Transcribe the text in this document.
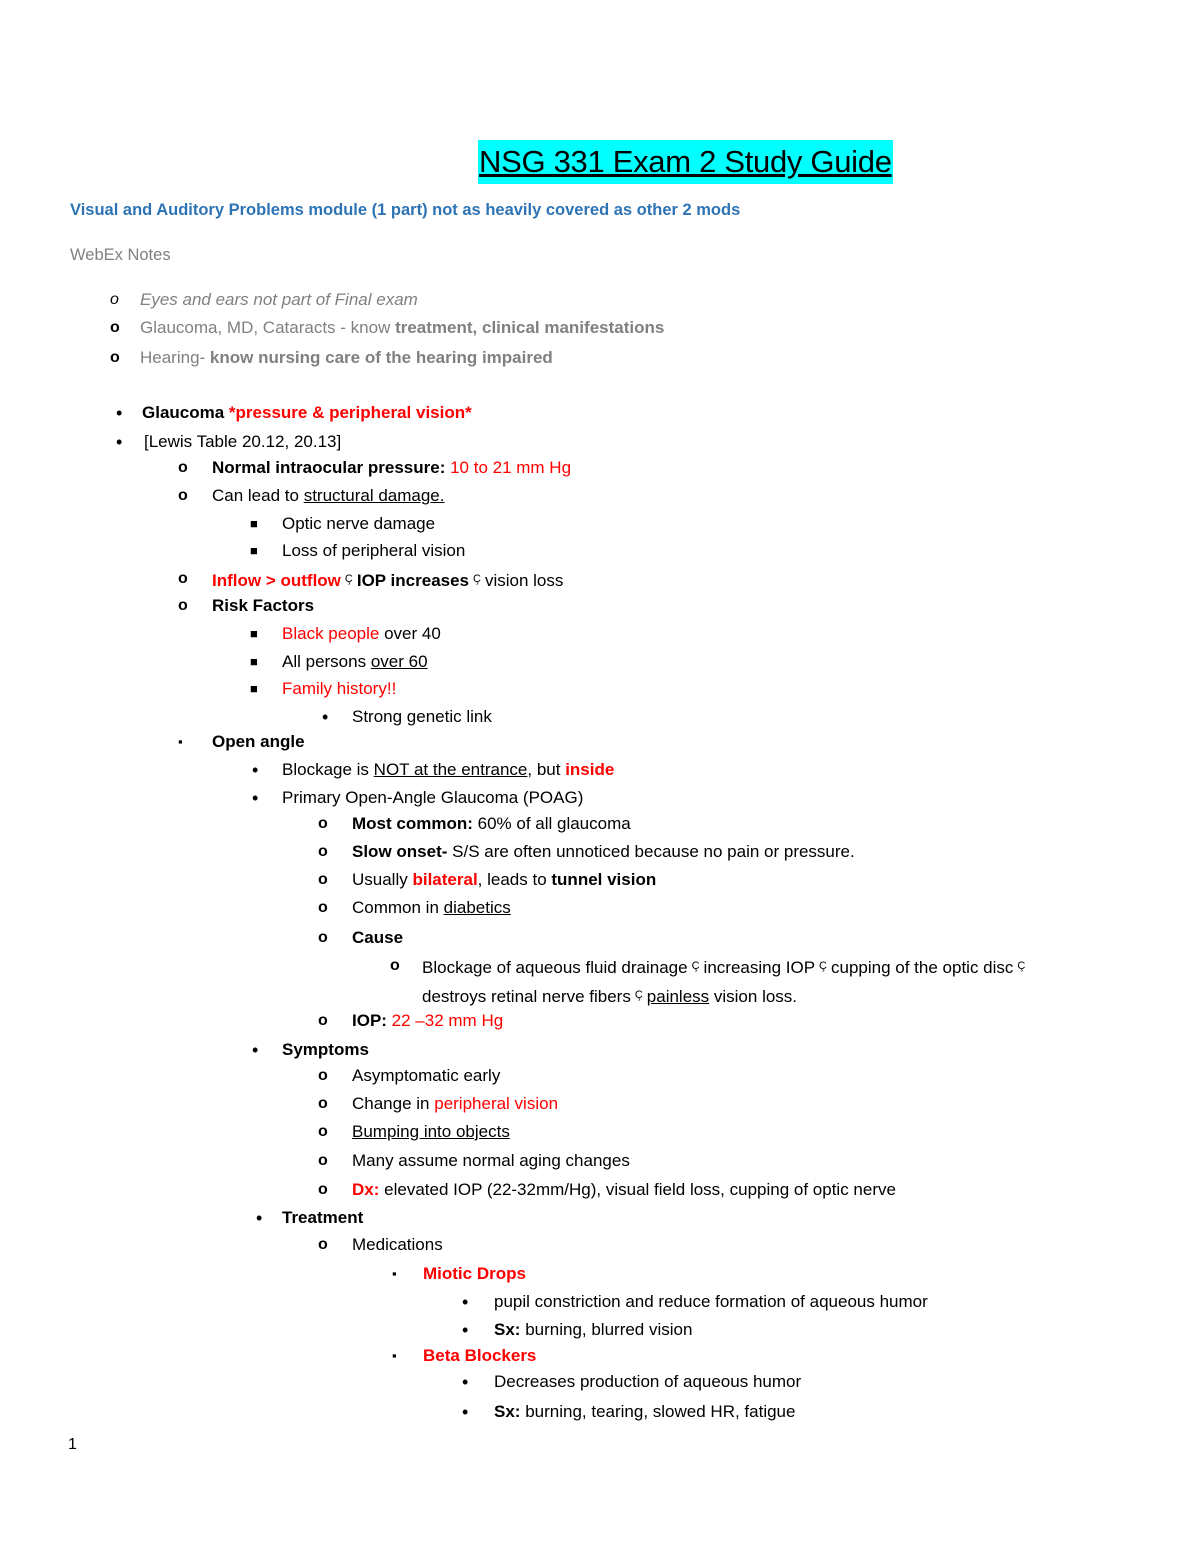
NSG 331 Exam 2 Study Guide
Visual and Auditory Problems module (1 part) not as heavily covered as other 2 mods
WebEx Notes
o Eyes and ears not part of Final exam
o Glaucoma, MD, Cataracts - know treatment, clinical manifestations
o Hearing- know nursing care of the hearing impaired
• Glaucoma *pressure & peripheral vision*
• [Lewis Table 20.12, 20.13]
o Normal intraocular pressure: 10 to 21 mm Hg
o Can lead to structural damage.
■ Optic nerve damage
■ Loss of peripheral vision
o Inflow > outflow $^Ç$ IOP increases $^Ç$ vision loss
o Risk Factors
■ Black people over 40
■ All persons over 60
■ Family history!!
• Strong genetic link
▪ Open angle
• Blockage is NOT at the entrance, but inside
• Primary Open-Angle Glaucoma (POAG)
o Most common: 60% of all glaucoma
o Slow onset- S/S are often unnoticed because no pain or pressure.
o Usually bilateral, leads to tunnel vision
o Common in diabetics
o Cause
o Blockage of aqueous fluid drainage $^Ç$ increasing IOP $^Ç$ cupping of the optic disc $^Ç$
destroys retinal nerve fibers $^Ç$ painless vision loss.
o IOP: 22 –32 mm Hg
• Symptoms
o Asymptomatic early
o Change in peripheral vision
o Bumping into objects
o Many assume normal aging changes
o Dx: elevated IOP (22-32mm/Hg), visual field loss, cupping of optic nerve
• Treatment
o Medications
▪ Miotic Drops
• pupil constriction and reduce formation of aqueous humor
• Sx: burning, blurred vision
▪ Beta Blockers
• Decreases production of aqueous humor
• Sx: burning, tearing, slowed HR, fatigue
1
